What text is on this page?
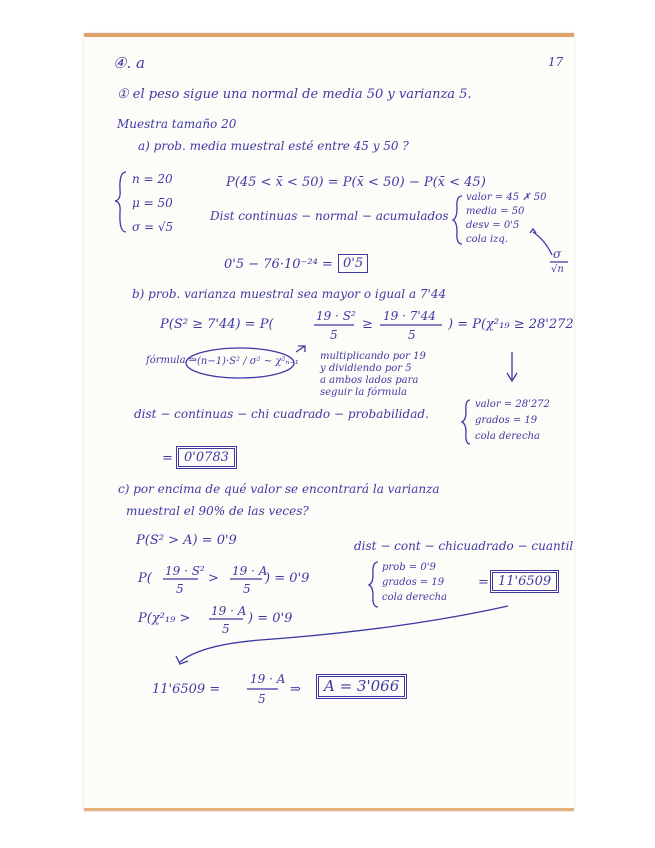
④. a	17
① el peso sigue una normal de media 50 y varianza 5.
Muestra tamaño 20
a) prob. media muestral esté entre 45 y 50 ?
n = 20
μ = 50
σ = √5
P(45 < x̄ < 50) = P(x̄ < 50) − P(x̄ < 45)
Dist continuas − normal − acumulados
valor = 45 ✗ 50
media = 50
desv = 0'5
cola izq.
σ
√n
0'5 − 76·10⁻²⁴ = 0'5
b) prob. varianza muestral sea mayor o igual a 7'44
P(S² ≥ 7'44) = P(
19 · S²
5
≥
19 · 7'44
5
) = P(χ²₁₉ ≥ 28'272
fórmula ⇒ (n−1)·S² / σ² ~ χ²ₙ₋₁ multiplicando por 19
y dividiendo por 5
a ambos lados para
seguir la fórmula
dist − continuas − chi cuadrado − probabilidad.
valor = 28'272
grados = 19
cola derecha
= 0'0783
c) por encima de qué valor se encontrará la varianza
muestral el 90% de las veces?
P(S² > A) = 0'9	dist − cont − chicuadrado − cuantil
P( 19 · S²
5
> 19 · A
5
) = 0'9
prob = 0'9
grados = 19
cola derecha
= 11'6509
P(χ²₁₉ > 19 · A
5
) = 0'9
11'6509 =
19 · A
5
⇒	A = 3'066
